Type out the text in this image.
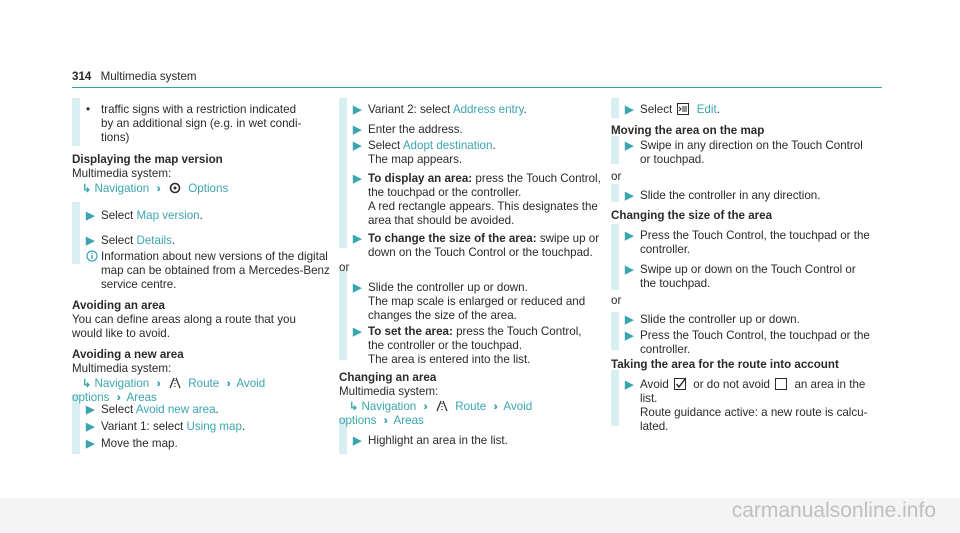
314 Multimedia system
• traffic signs with a restriction indicated
by an additional sign (e.g. in wet condi-
tions)
Displaying the map version
Multimedia system:
↳ Navigation ››	Options
▶ Select Map version.
▶ Select Details.
Information about new versions of the digital
map can be obtained from a Mercedes-Benz
service centre.
Avoiding an area
You can define areas along a route that you
would like to avoid.
Avoiding a new area
Multimedia system:
↳ Navigation ››	Route ›› Avoid
options ›› Areas
▶ Select Avoid new area.
▶ Variant 1: select Using map.
▶ Move the map.
▶ Variant 2: select Address entry.
▶ Enter the address.
▶ Select Adopt destination.
The map appears.
▶ To display an area: press the Touch Control,
the touchpad or the controller.
A red rectangle appears. This designates the
area that should be avoided.
▶ To change the size of the area: swipe up or
down on the Touch Control or the touchpad.
or
▶ Slide the controller up or down.
The map scale is enlarged or reduced and
changes the size of the area.
▶ To set the area: press the Touch Control,
the controller or the touchpad.
The area is entered into the list.
Changing an area
Multimedia system:
↳ Navigation ››	Route ›› Avoid
options ›› Areas
▶ Highlight an area in the list.
▶ Select Edit.
Moving the area on the map
▶ Swipe in any direction on the Touch Control
or touchpad.
or
▶ Slide the controller in any direction.
Changing the size of the area
▶ Press the Touch Control, the touchpad or the
controller.
▶ Swipe up or down on the Touch Control or
the touchpad.
or
▶ Slide the controller up or down.
▶ Press the Touch Control, the touchpad or the
controller.
Taking the area for the route into account
▶ Avoid or do not avoid an area in the
list.
Route guidance active: a new route is calcu-
lated.
carmanualsonline.info
